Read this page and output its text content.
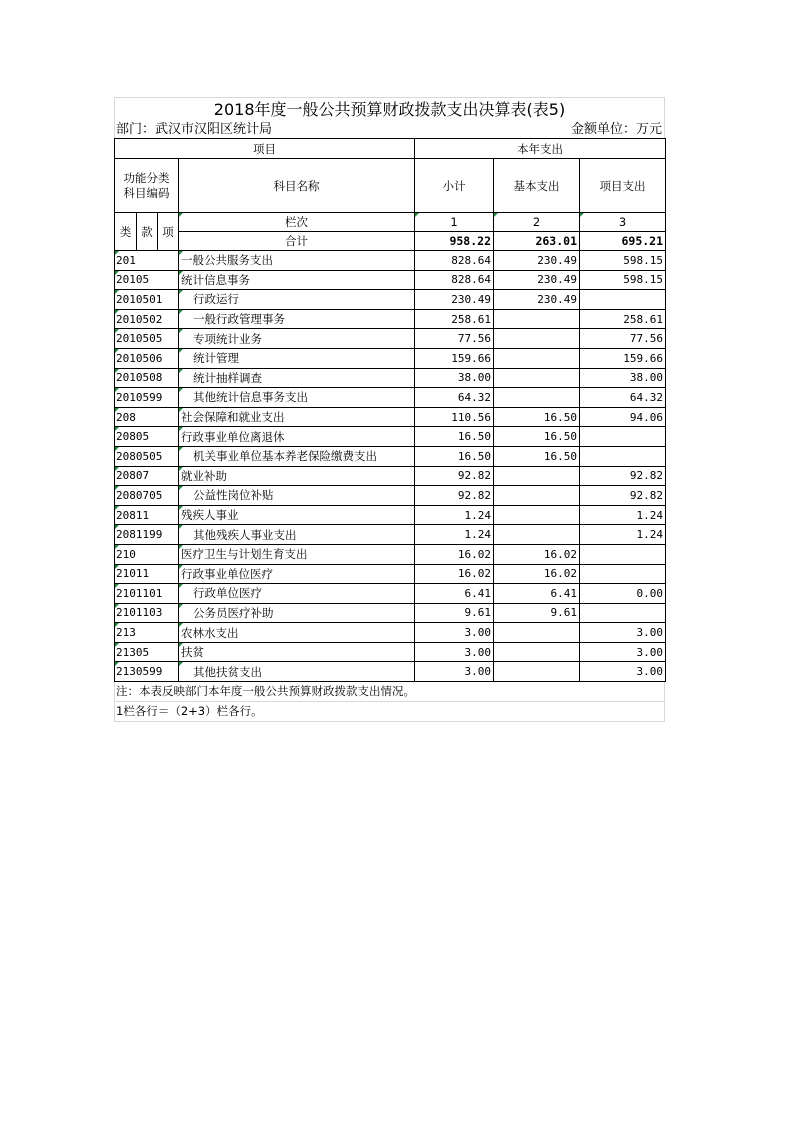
2018年度一般公共预算财政拨款支出决算表(表5)
部门：武汉市汉阳区统计局	金额单位：万元
项目				本年支出		

功能分类
科目编码			科目名称	小计	基本支出	项目支出
类	款	项	栏次	1	2	3
			合计	958.22	263.01	695.21
201			一般公共服务支出	828.64	230.49	598.15
20105			统计信息事务	828.64	230.49	598.15
2010501			行政运行	230.49	230.49	
2010502			一般行政管理事务	258.61		258.61
2010505			专项统计业务	77.56		77.56
2010506			统计管理	159.66		159.66
2010508			统计抽样调查	38.00		38.00
2010599			其他统计信息事务支出	64.32		64.32
208			社会保障和就业支出	110.56	16.50	94.06
20805			行政事业单位离退休	16.50	16.50	
2080505			机关事业单位基本养老保险缴费支出	16.50	16.50	
20807			就业补助	92.82		92.82
2080705			公益性岗位补贴	92.82		92.82
20811			残疾人事业	1.24		1.24
2081199			其他残疾人事业支出	1.24		1.24
210			医疗卫生与计划生育支出	16.02	16.02	
21011			行政事业单位医疗	16.02	16.02	
2101101			行政单位医疗	6.41	6.41	0.00
2101103			公务员医疗补助	9.61	9.61	
213			农林水支出	3.00		3.00
21305			扶贫	3.00		3.00
2130599			其他扶贫支出	3.00		3.00
注：本表反映部门本年度一般公共预算财政拨款支出情况。
1栏各行＝（2+3）栏各行。
